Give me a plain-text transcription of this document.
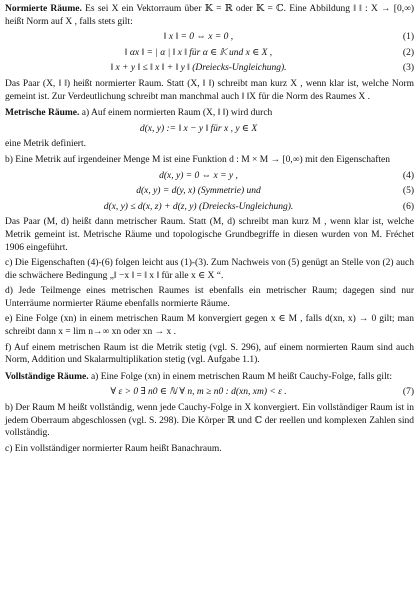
Normierte Räume. Es sei X ein Vektorraum über 𝕂 = ℝ oder 𝕂 = ℂ. Eine Abbildung ‖ ‖ : X → [0,∞) heißt Norm auf X , falls stets gilt:

‖ x ‖ = 0 ⇔ x = 0 ,	(1)
‖ αx ‖ = | α | ‖ x ‖ für α ∈ 𝕂 und x ∈ X ,	(2)
‖ x + y ‖ ≤ ‖ x ‖ + ‖ y ‖ (Dreiecks-Ungleichung).	(3)

Das Paar (X, ‖ ‖) heißt normierter Raum. Statt (X, ‖ ‖) schreibt man kurz X , wenn klar ist, welche Norm gemeint ist. Zur Verdeutlichung schreibt man manchmal auch ‖ ‖X für die Norm des Raumes X .

Metrische Räume. a) Auf einem normierten Raum (X, ‖ ‖) wird durch

d(x, y) := ‖ x − y ‖ für x , y ∈ X

eine Metrik definiert.

b) Eine Metrik auf irgendeiner Menge M ist eine Funktion d : M × M → [0,∞) mit den Eigenschaften

d(x, y) = 0 ⇔ x = y ,	(4)
d(x, y) = d(y, x) (Symmetrie) und	(5)
d(x, y) ≤ d(x, z) + d(z, y) (Dreiecks-Ungleichung).	(6)

Das Paar (M, d) heißt dann metrischer Raum. Statt (M, d) schreibt man kurz M , wenn klar ist, welche Metrik gemeint ist. Metrische Räume und topologische Grundbegriffe in diesen wurden von M. Fréchet 1906 eingeführt.

c) Die Eigenschaften (4)-(6) folgen leicht aus (1)-(3). Zum Nachweis von (5) genügt an Stelle von (2) auch die schwächere Bedingung „‖ −x ‖ = ‖ x ‖ für alle x ∈ X “.

d) Jede Teilmenge eines metrischen Raumes ist ebenfalls ein metrischer Raum; dagegen sind nur Unterräume normierter Räume ebenfalls normierte Räume.

e) Eine Folge (xn) in einem metrischen Raum M konvergiert gegen x ∈ M , falls d(xn, x) → 0 gilt; man schreibt dann x = lim n→∞ xn oder xn → x .

f) Auf einem metrischen Raum ist die Metrik stetig (vgl. S. 296), auf einem normierten Raum sind auch Norm, Addition und Skalarmultiplikation stetig (vgl. Aufgabe 1.1).

Vollständige Räume. a) Eine Folge (xn) in einem metrischen Raum M heißt Cauchy-Folge, falls gilt:

∀ ε > 0 ∃ n0 ∈ ℕ ∀ n, m ≥ n0 : d(xn, xm) < ε .	(7)

b) Der Raum M heißt vollständig, wenn jede Cauchy-Folge in X konvergiert. Ein vollständiger Raum ist in jedem Oberraum abgeschlossen (vgl. S. 298). Die Körper ℝ und ℂ der reellen und komplexen Zahlen sind vollständig.

c) Ein vollständiger normierter Raum heißt Banachraum.
